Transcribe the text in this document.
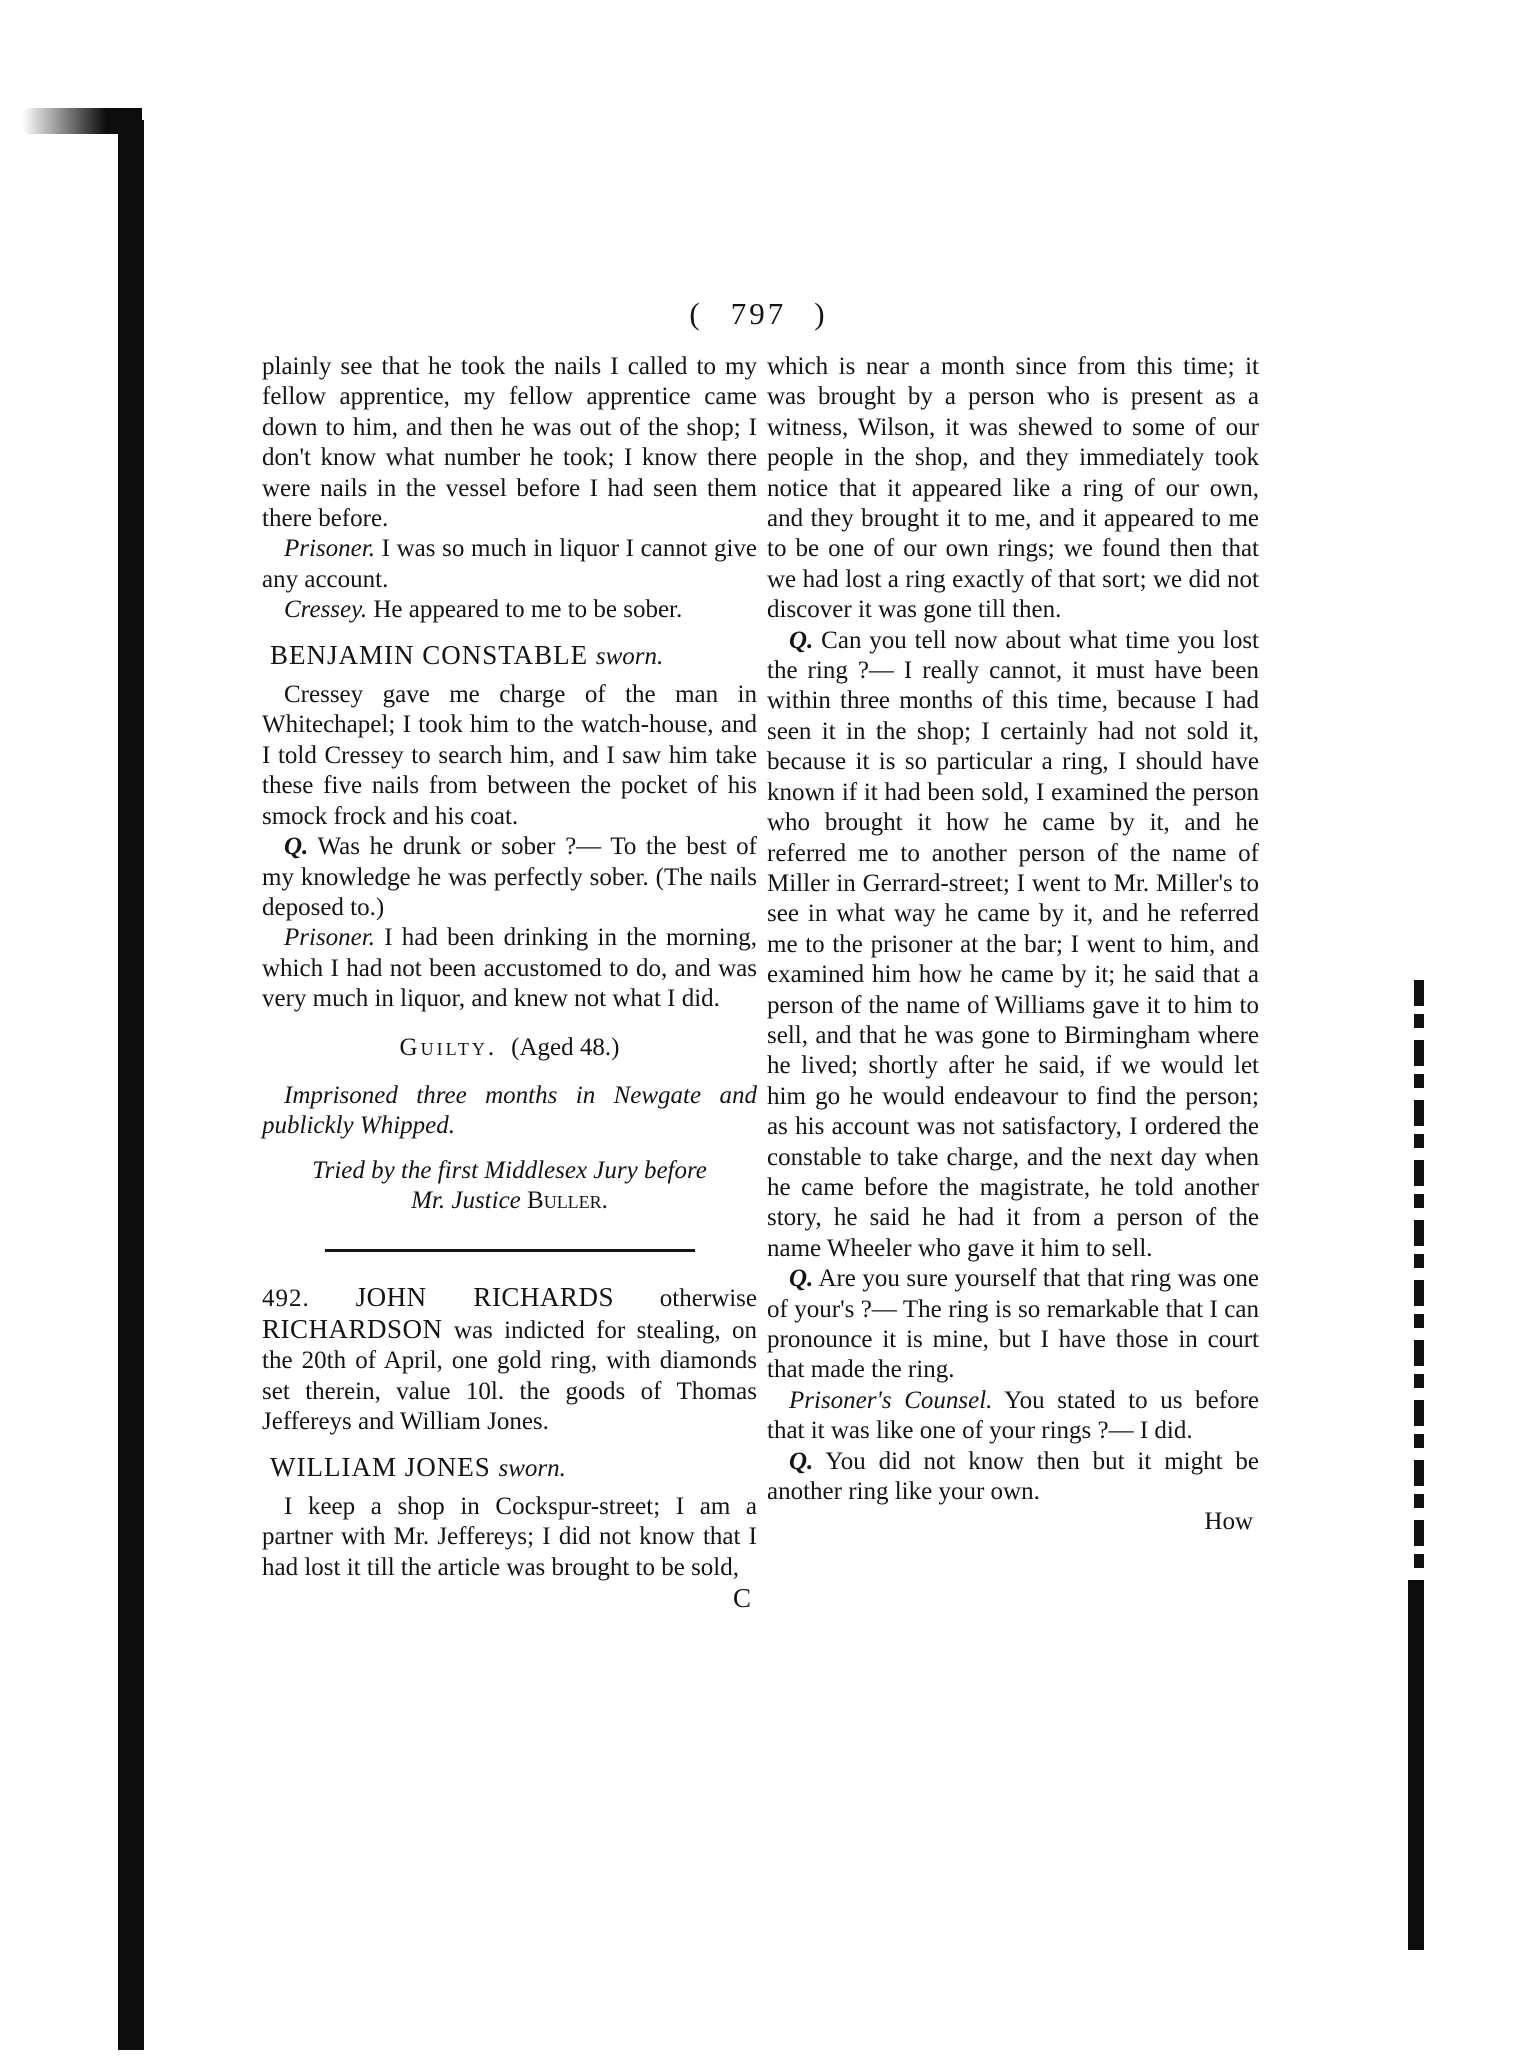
( 797 )

plainly see that he took the nails I called to my fellow apprentice, my fellow apprentice came down to him, and then he was out of the shop; I don't know what number he took; I know there were nails in the vessel before I had seen them there before.

Prisoner. I was so much in liquor I cannot give any account.

Cressey. He appeared to me to be sober.

BENJAMIN CONSTABLE sworn.

Cressey gave me charge of the man in Whitechapel; I took him to the watch-house, and I told Cressey to search him, and I saw him take these five nails from between the pocket of his smock frock and his coat.

Q. Was he drunk or sober ?— To the best of my knowledge he was perfectly sober. (The nails deposed to.)

Prisoner. I had been drinking in the morning, which I had not been accustomed to do, and was very much in liquor, and knew not what I did.

Guilty. (Aged 48.)

Imprisoned three months in Newgate and publickly Whipped.

Tried by the first Middlesex Jury before

Mr. Justice Buller.

492. JOHN RICHARDS otherwise RICHARDSON was indicted for stealing, on the 20th of April, one gold ring, with diamonds set therein, value 10l. the goods of Thomas Jeffereys and William Jones.

WILLIAM JONES sworn.

I keep a shop in Cockspur-street; I am a partner with Mr. Jeffereys; I did not know that I had lost it till the article was brought to be sold,

C

which is near a month since from this time; it was brought by a person who is present as a witness, Wilson, it was shewed to some of our people in the shop, and they immediately took notice that it appeared like a ring of our own, and they brought it to me, and it appeared to me to be one of our own rings; we found then that we had lost a ring exactly of that sort; we did not discover it was gone till then.

Q. Can you tell now about what time you lost the ring ?— I really cannot, it must have been within three months of this time, because I had seen it in the shop; I certainly had not sold it, because it is so particular a ring, I should have known if it had been sold, I examined the person who brought it how he came by it, and he referred me to another person of the name of Miller in Gerrard-street; I went to Mr. Miller's to see in what way he came by it, and he referred me to the prisoner at the bar; I went to him, and examined him how he came by it; he said that a person of the name of Williams gave it to him to sell, and that he was gone to Birmingham where he lived; shortly after he said, if we would let him go he would endeavour to find the person; as his account was not satisfactory, I ordered the constable to take charge, and the next day when he came before the magistrate, he told another story, he said he had it from a person of the name Wheeler who gave it him to sell.

Q. Are you sure yourself that that ring was one of your's ?— The ring is so remarkable that I can pronounce it is mine, but I have those in court that made the ring.

Prisoner's Counsel. You stated to us before that it was like one of your rings ?— I did.

Q. You did not know then but it might be another ring like your own.

How
